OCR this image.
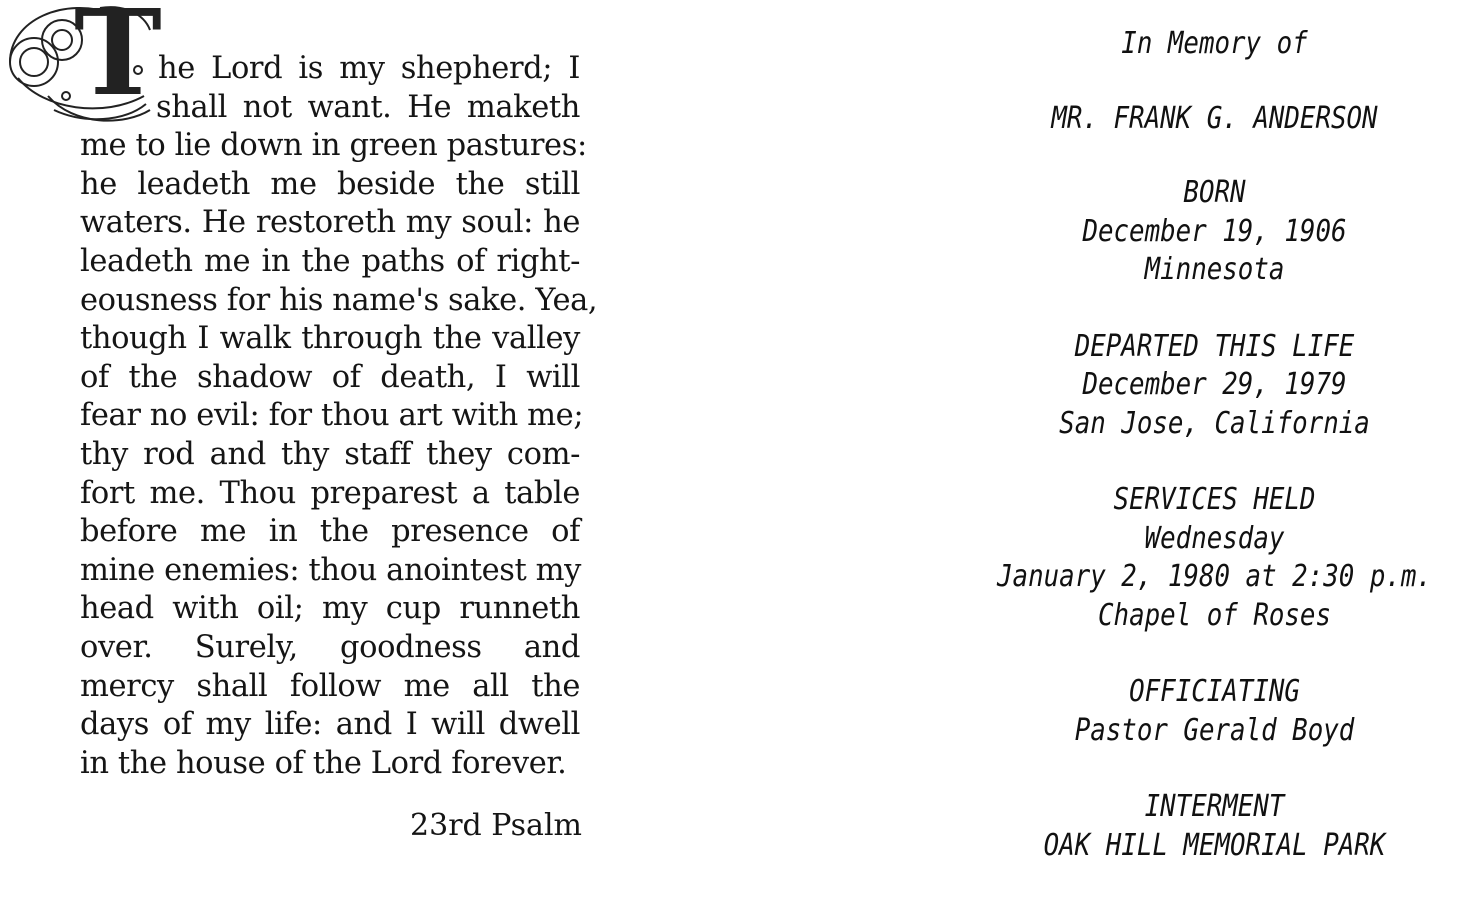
T
he Lord is my shepherd; I
shall not want. He maketh
me to lie down in green pastures:
he leadeth me beside the still
waters. He restoreth my soul: he
leadeth me in the paths of right-
eousness for his name's sake. Yea,
though I walk through the valley
of the shadow of death, I will
fear no evil: for thou art with me;
thy rod and thy staff they com-
fort me. Thou preparest a table
before me in the presence of
mine enemies: thou anointest my
head with oil; my cup runneth
over. Surely, goodness and
mercy shall follow me all the
days of my life: and I will dwell
in the house of the Lord forever.
23rd Psalm
In Memory of
MR. FRANK G. ANDERSON
BORN
December 19, 1906
Minnesota
DEPARTED THIS LIFE
December 29, 1979
San Jose, California
SERVICES HELD
Wednesday
January 2, 1980 at 2:30 p.m.
Chapel of Roses
OFFICIATING
Pastor Gerald Boyd
INTERMENT
OAK HILL MEMORIAL PARK
